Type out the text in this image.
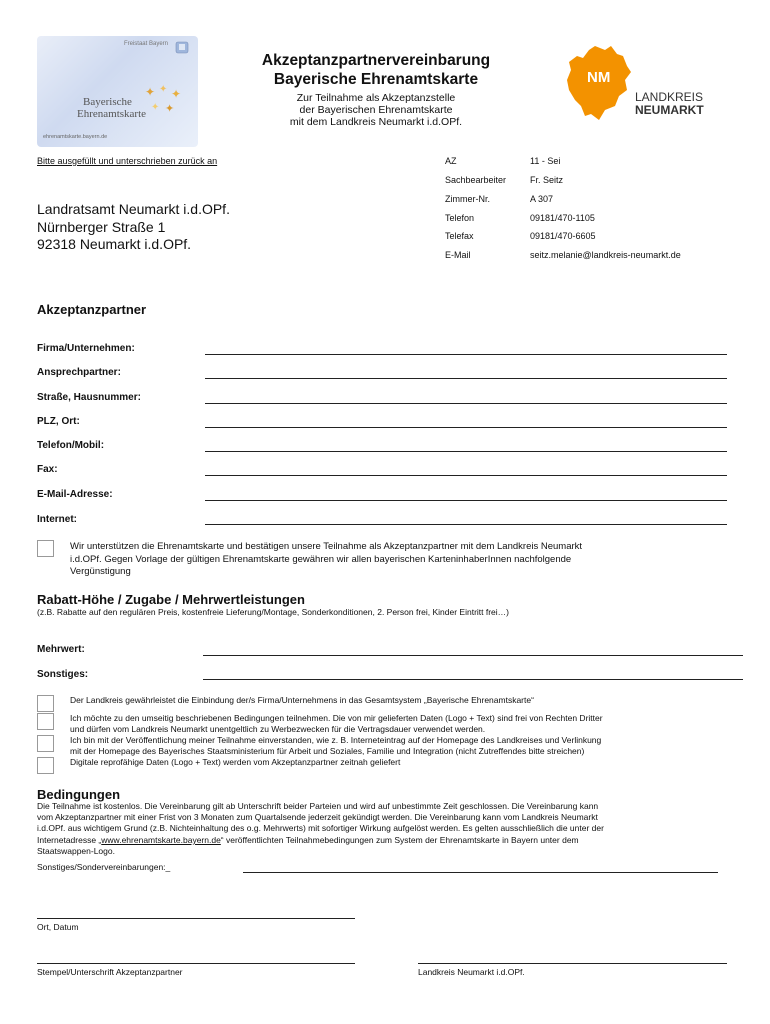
Freistaat Bayern
✦ ✦ ✦
✦ ✦
Bayerische
Ehrenamtskarte
ehrenamtskarte.bayern.de
Akzeptanzpartnervereinbarung
Bayerische Ehrenamtskarte
Zur Teilnahme als Akzeptanzstelle
der Bayerischen Ehrenamtskarte
mit dem Landkreis Neumarkt i.d.OPf.
NM
LANDKREIS
NEUMARKT
Bitte ausgefüllt und unterschrieben zurück an
Landratsamt Neumarkt i.d.OPf.
Nürnberger Straße 1
92318 Neumarkt i.d.OPf.
AZ	11 - Sei
Sachbearbeiter	Fr. Seitz
Zimmer-Nr.	A 307
Telefon	09181/470-1105
Telefax	09181/470-6605
E-Mail	seitz.melanie@landkreis-neumarkt.de
Akzeptanzpartner
Firma/Unternehmen:
Ansprechpartner:
Straße, Hausnummer:
PLZ, Ort:
Telefon/Mobil:
Fax:
E-Mail-Adresse:
Internet:
Wir unterstützen die Ehrenamtskarte und bestätigen unsere Teilnahme als Akzeptanzpartner mit dem Landkreis Neumarkt
i.d.OPf. Gegen Vorlage der gültigen Ehrenamtskarte gewähren wir allen bayerischen KarteninhaberInnen nachfolgende
Vergünstigung
Rabatt-Höhe / Zugabe / Mehrwertleistungen
(z.B. Rabatte auf den regulären Preis, kostenfreie Lieferung/Montage, Sonderkonditionen, 2. Person frei, Kinder Eintritt frei…)
Mehrwert:
Sonstiges:
Der Landkreis gewährleistet die Einbindung der/s Firma/Unternehmens in das Gesamtsystem „Bayerische Ehrenamtskarte“
Ich möchte zu den umseitig beschriebenen Bedingungen teilnehmen. Die von mir gelieferten Daten (Logo + Text) sind frei von Rechten Dritter
und dürfen vom Landkreis Neumarkt unentgeltlich zu Werbezwecken für die Vertragsdauer verwendet werden.
Ich bin mit der Veröffentlichung meiner Teilnahme einverstanden, wie z. B. Interneteintrag auf der Homepage des Landkreises und Verlinkung
mit der Homepage des Bayerisches Staatsministerium für Arbeit und Soziales, Familie und Integration (nicht Zutreffendes bitte streichen)
Digitale reprofähige Daten (Logo + Text) werden vom Akzeptanzpartner zeitnah geliefert
Bedingungen
Die Teilnahme ist kostenlos. Die Vereinbarung gilt ab Unterschrift beider Parteien und wird auf unbestimmte Zeit geschlossen. Die Vereinbarung kann
vom Akzeptanzpartner mit einer Frist von 3 Monaten zum Quartalsende jederzeit gekündigt werden. Die Vereinbarung kann vom Landkreis Neumarkt
i.d.OPf. aus wichtigem Grund (z.B. Nichteinhaltung des o.g. Mehrwerts) mit sofortiger Wirkung aufgelöst werden. Es gelten ausschließlich die unter der
Internetadresse „www.ehrenamtskarte.bayern.de“ veröffentlichten Teilnahmebedingungen zum System der Ehrenamtskarte in Bayern unter dem
Staatswappen-Logo.
Sonstiges/Sondervereinbarungen:_
Ort, Datum
Stempel/Unterschrift Akzeptanzpartner	Landkreis Neumarkt i.d.OPf.
